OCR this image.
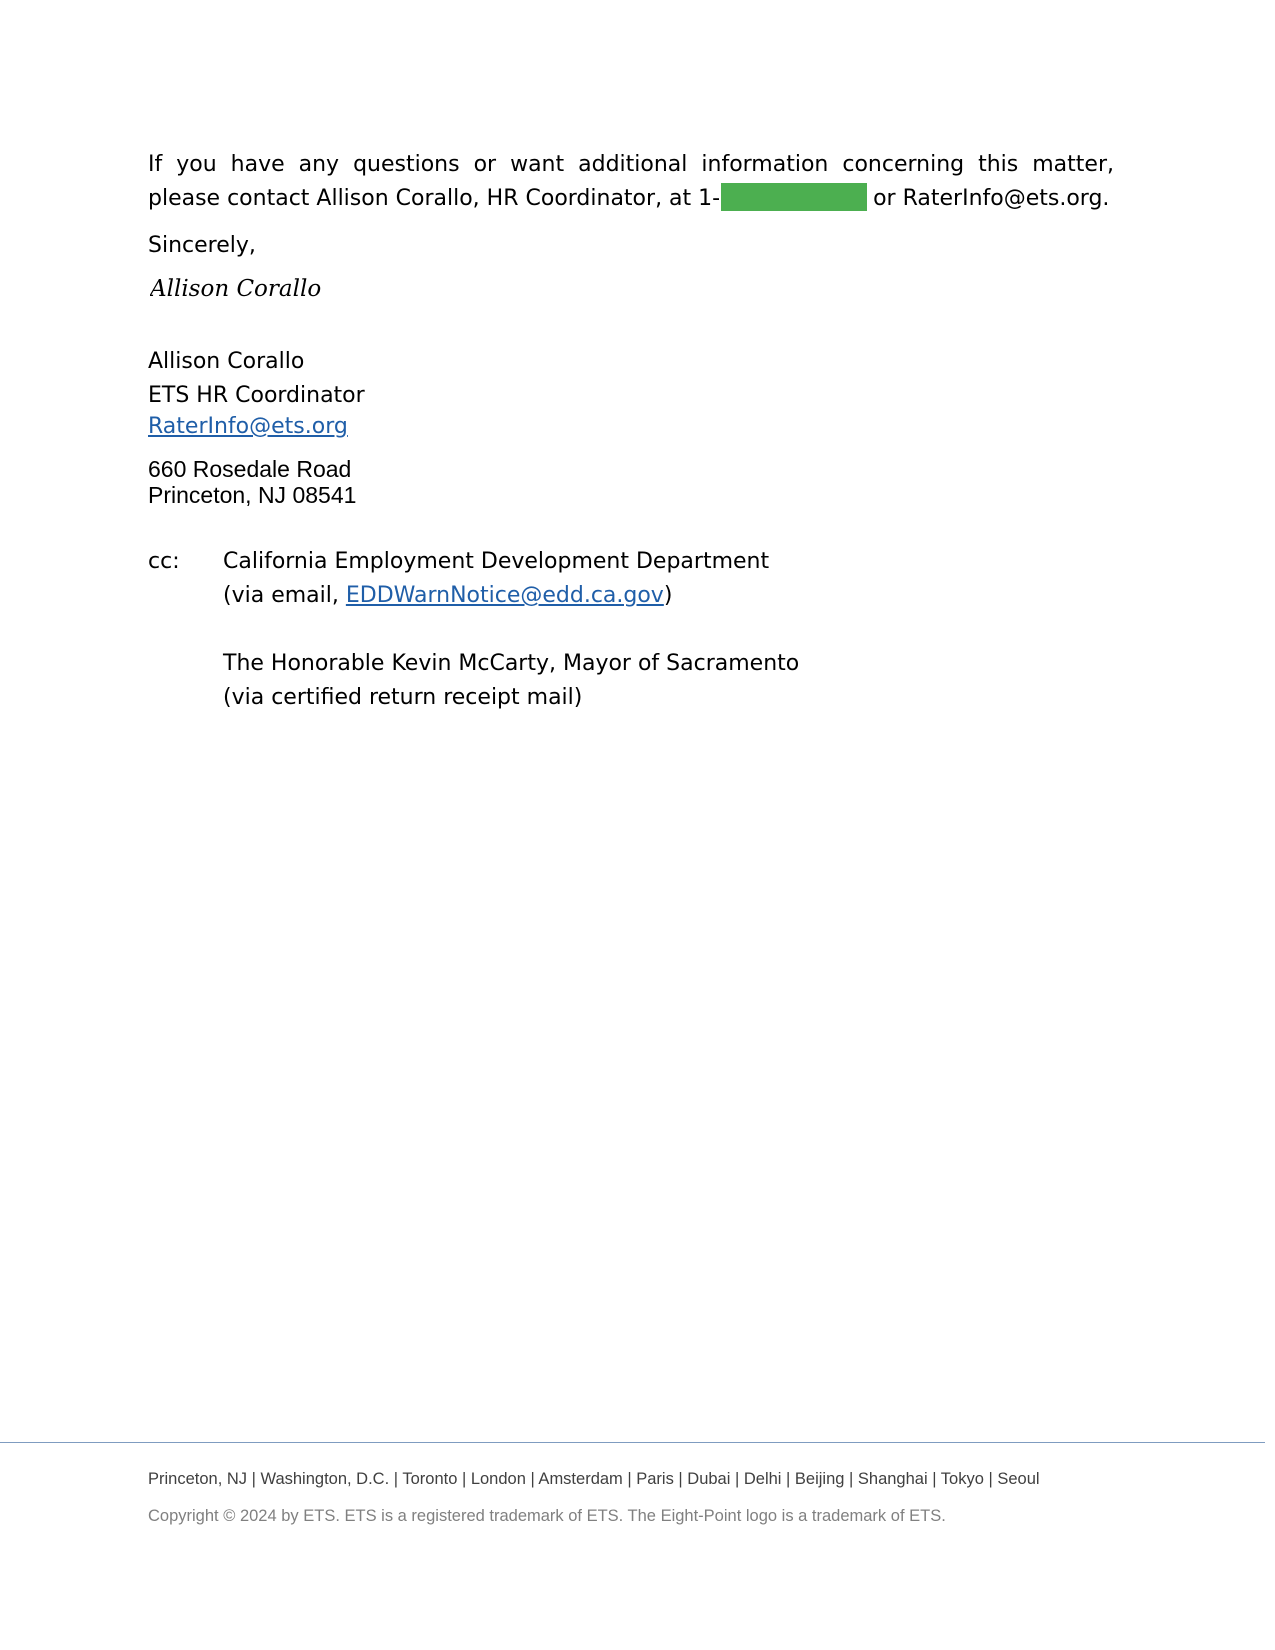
If you have any questions or want additional information concerning this matter, please contact Allison Corallo, HR Coordinator, at 1-	or RaterInfo@ets.org.

Sincerely,
Allison Corallo
Allison Corallo
ETS HR Coordinator
RaterInfo@ets.org
660 Rosedale Road
Princeton, NJ 08541
cc: California Employment Development Department
(via email, EDDWarnNotice@edd.ca.gov)
The Honorable Kevin McCarty, Mayor of Sacramento
(via certified return receipt mail)
Princeton, NJ | Washington, D.C. | Toronto | London | Amsterdam | Paris | Dubai | Delhi | Beijing | Shanghai | Tokyo | Seoul
Copyright © 2024 by ETS. ETS is a registered trademark of ETS. The Eight-Point logo is a trademark of ETS.
